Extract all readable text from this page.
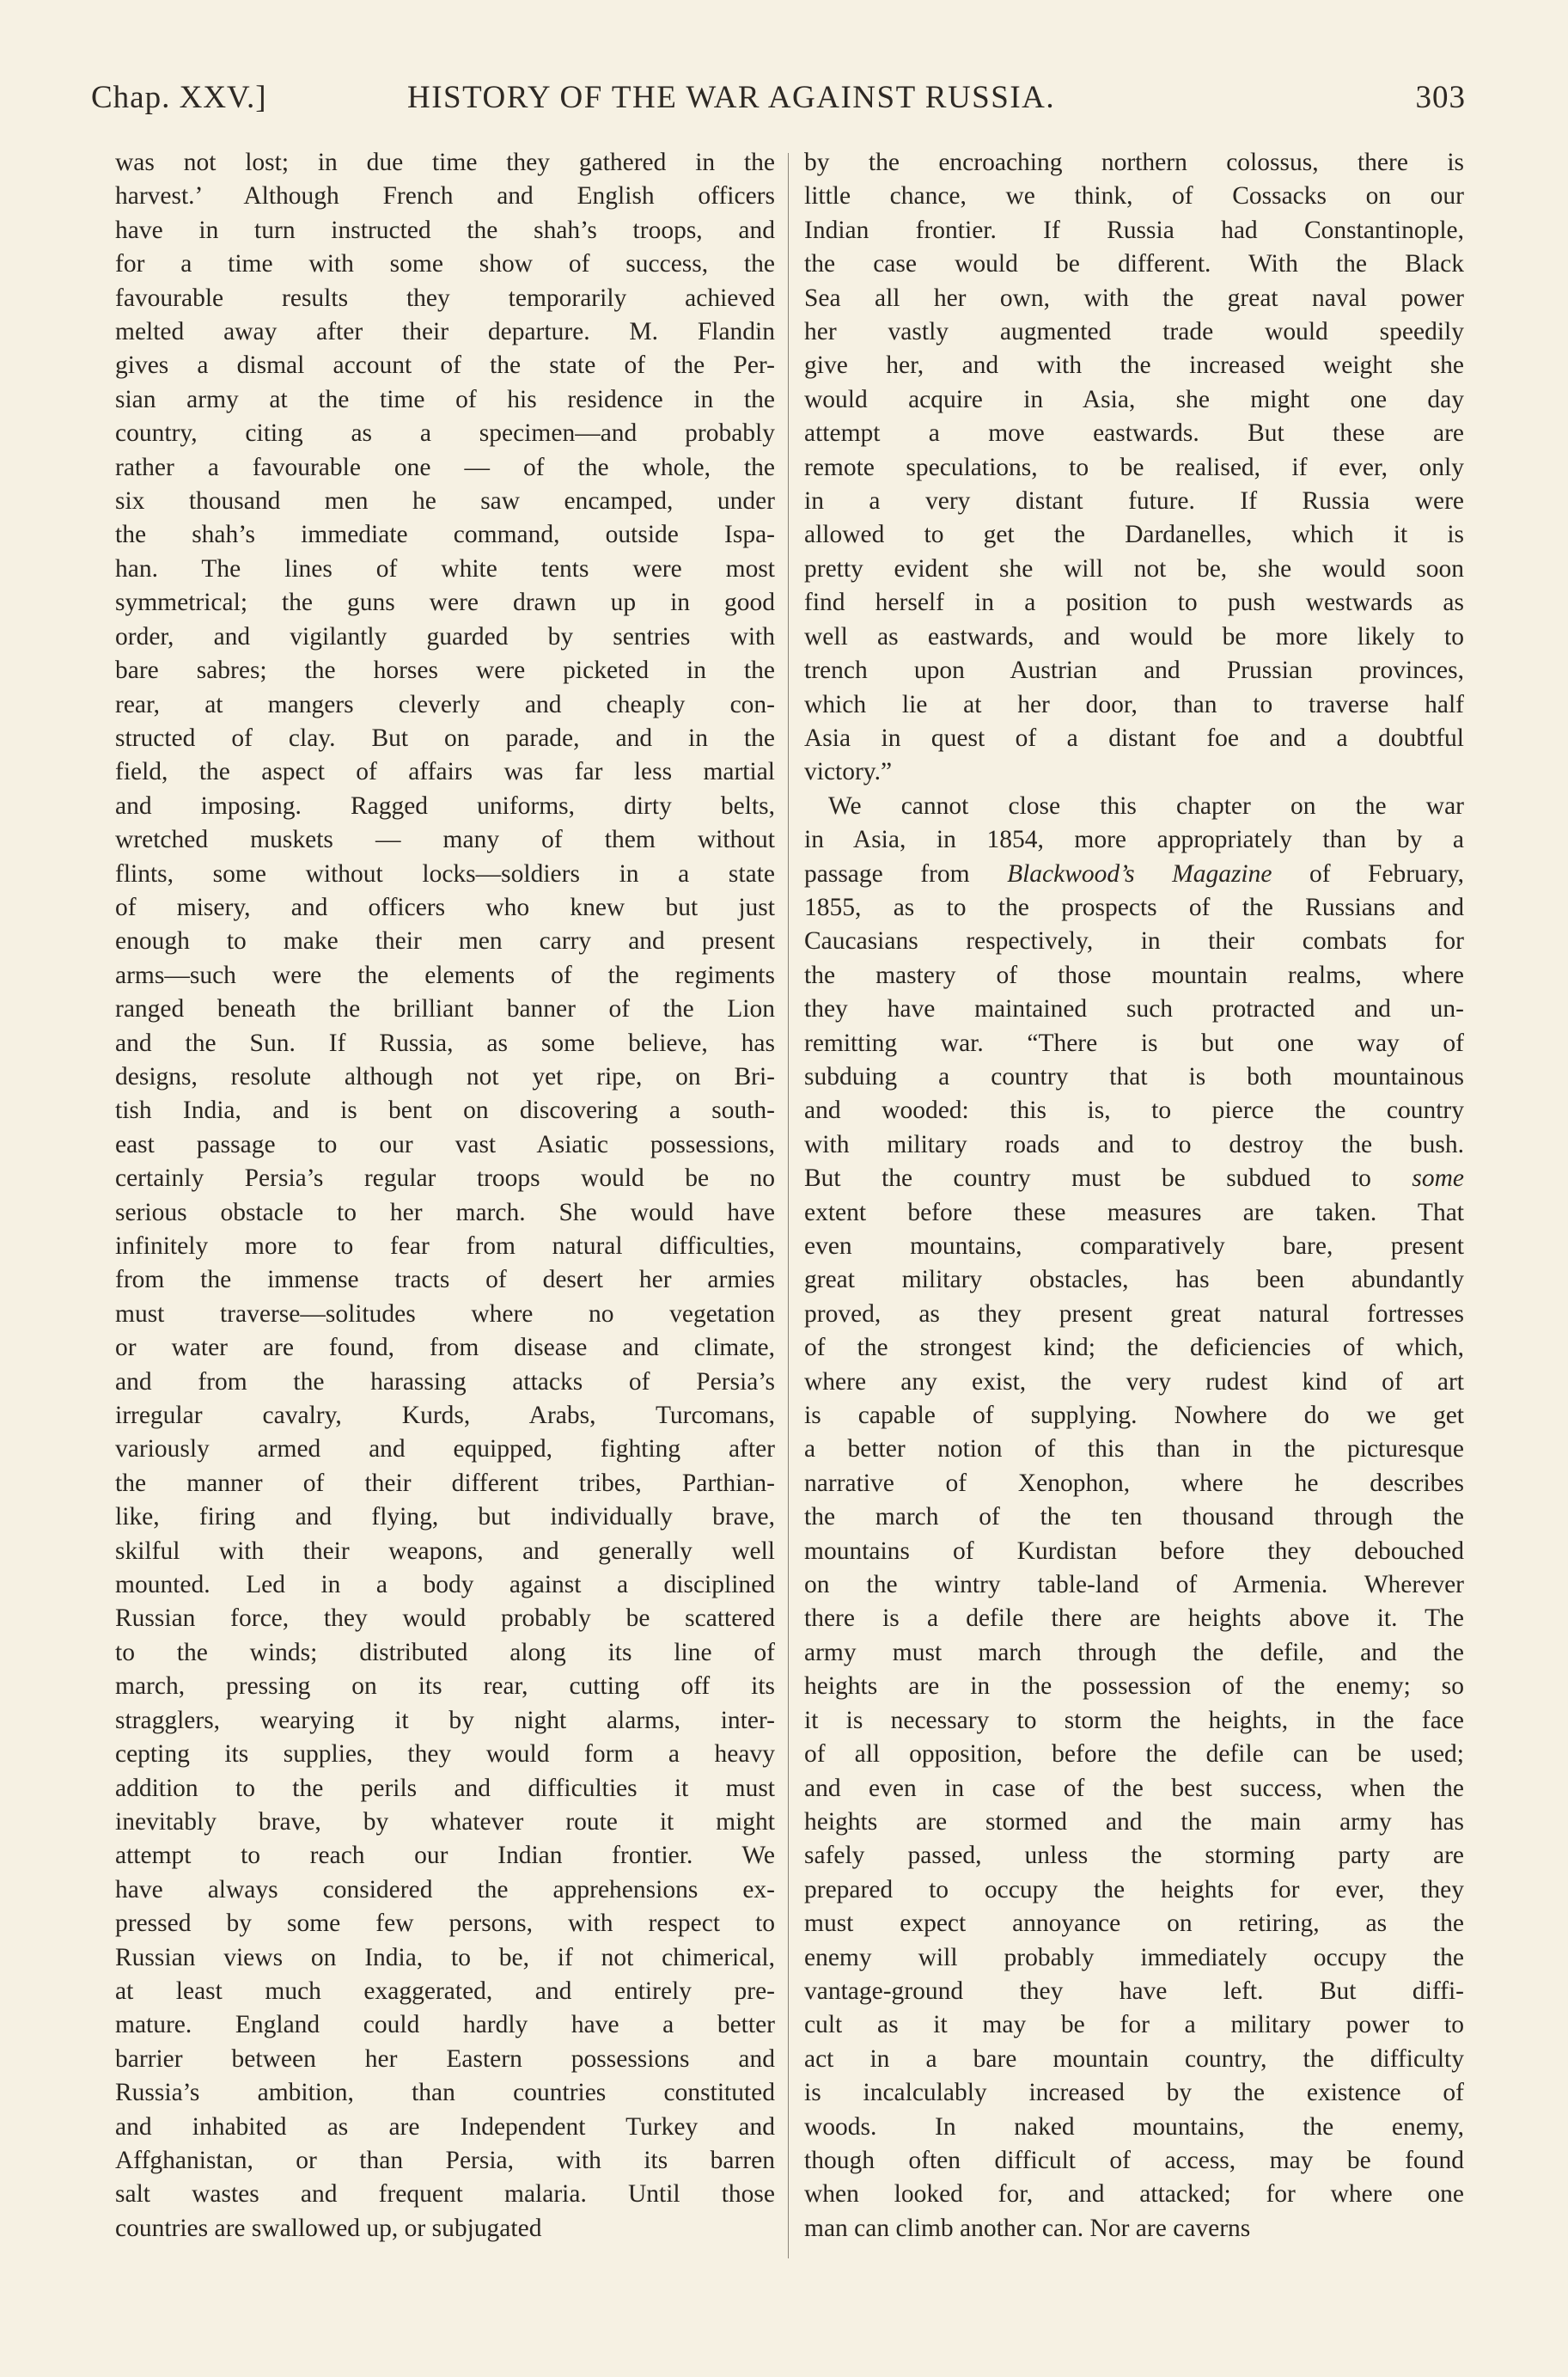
Chap. XXV.]	HISTORY OF THE WAR AGAINST RUSSIA.	303
was not lost; in due time they gathered in the
harvest.’ Although French and English officers
have in turn instructed the shah’s troops, and
for a time with some show of success, the
favourable results they temporarily achieved
melted away after their departure. M. Flandin
gives a dismal account of the state of the Per-
sian army at the time of his residence in the
country, citing as a specimen—and probably
rather a favourable one — of the whole, the
six thousand men he saw encamped, under
the shah’s immediate command, outside Ispa-
han. The lines of white tents were most
symmetrical; the guns were drawn up in good
order, and vigilantly guarded by sentries with
bare sabres; the horses were picketed in the
rear, at mangers cleverly and cheaply con-
structed of clay. But on parade, and in the
field, the aspect of affairs was far less martial
and imposing. Ragged uniforms, dirty belts,
wretched muskets — many of them without
flints, some without locks—soldiers in a state
of misery, and officers who knew but just
enough to make their men carry and present
arms—such were the elements of the regiments
ranged beneath the brilliant banner of the Lion
and the Sun. If Russia, as some believe, has
designs, resolute although not yet ripe, on Bri-
tish India, and is bent on discovering a south-
east passage to our vast Asiatic possessions,
certainly Persia’s regular troops would be no
serious obstacle to her march. She would have
infinitely more to fear from natural difficulties,
from the immense tracts of desert her armies
must traverse—solitudes where no vegetation
or water are found, from disease and climate,
and from the harassing attacks of Persia’s
irregular cavalry, Kurds, Arabs, Turcomans,
variously armed and equipped, fighting after
the manner of their different tribes, Parthian-
like, firing and flying, but individually brave,
skilful with their weapons, and generally well
mounted. Led in a body against a disciplined
Russian force, they would probably be scattered
to the winds; distributed along its line of
march, pressing on its rear, cutting off its
stragglers, wearying it by night alarms, inter-
cepting its supplies, they would form a heavy
addition to the perils and difficulties it must
inevitably brave, by whatever route it might
attempt to reach our Indian frontier. We
have always considered the apprehensions ex-
pressed by some few persons, with respect to
Russian views on India, to be, if not chimerical,
at least much exaggerated, and entirely pre-
mature. England could hardly have a better
barrier between her Eastern possessions and
Russia’s ambition, than countries constituted
and inhabited as are Independent Turkey and
Affghanistan, or than Persia, with its barren
salt wastes and frequent malaria. Until those
countries are swallowed up, or subjugated
by the encroaching northern colossus, there is
little chance, we think, of Cossacks on our
Indian frontier. If Russia had Constantinople,
the case would be different. With the Black
Sea all her own, with the great naval power
her vastly augmented trade would speedily
give her, and with the increased weight she
would acquire in Asia, she might one day
attempt a move eastwards. But these are
remote speculations, to be realised, if ever, only
in a very distant future. If Russia were
allowed to get the Dardanelles, which it is
pretty evident she will not be, she would soon
find herself in a position to push westwards as
well as eastwards, and would be more likely to
trench upon Austrian and Prussian provinces,
which lie at her door, than to traverse half
Asia in quest of a distant foe and a doubtful
victory.”
We cannot close this chapter on the war
in Asia, in 1854, more appropriately than by a
passage from Blackwood’s Magazine of February,
1855, as to the prospects of the Russians and
Caucasians respectively, in their combats for
the mastery of those mountain realms, where
they have maintained such protracted and un-
remitting war. “There is but one way of
subduing a country that is both mountainous
and wooded: this is, to pierce the country
with military roads and to destroy the bush.
But the country must be subdued to some
extent before these measures are taken. That
even mountains, comparatively bare, present
great military obstacles, has been abundantly
proved, as they present great natural fortresses
of the strongest kind; the deficiencies of which,
where any exist, the very rudest kind of art
is capable of supplying. Nowhere do we get
a better notion of this than in the picturesque
narrative of Xenophon, where he describes
the march of the ten thousand through the
mountains of Kurdistan before they debouched
on the wintry table-land of Armenia. Wherever
there is a defile there are heights above it. The
army must march through the defile, and the
heights are in the possession of the enemy; so
it is necessary to storm the heights, in the face
of all opposition, before the defile can be used;
and even in case of the best success, when the
heights are stormed and the main army has
safely passed, unless the storming party are
prepared to occupy the heights for ever, they
must expect annoyance on retiring, as the
enemy will probably immediately occupy the
vantage-ground they have left. But diffi-
cult as it may be for a military power to
act in a bare mountain country, the difficulty
is incalculably increased by the existence of
woods. In naked mountains, the enemy,
though often difficult of access, may be found
when looked for, and attacked; for where one
man can climb another can. Nor are caverns
